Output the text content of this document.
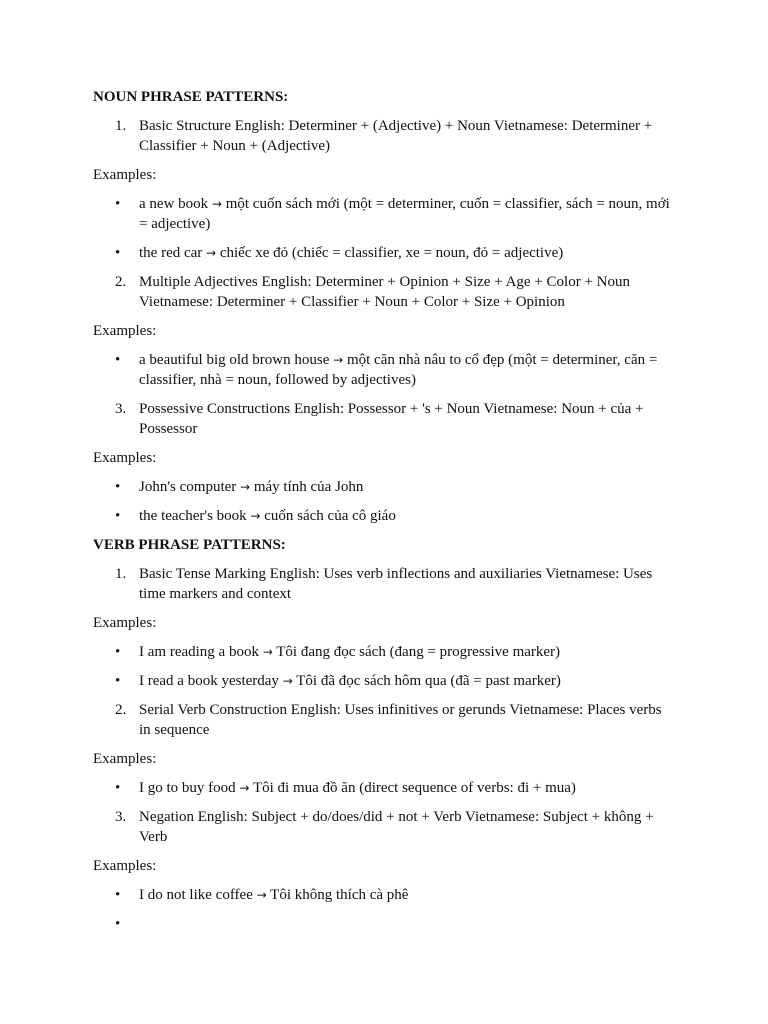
NOUN PHRASE PATTERNS:
1. Basic Structure English: Determiner + (Adjective) + Noun Vietnamese: Determiner + Classifier + Noun + (Adjective)
Examples:
• a new book → một cuốn sách mới (một = determiner, cuốn = classifier, sách = noun, mới = adjective)
• the red car → chiếc xe đỏ (chiếc = classifier, xe = noun, đỏ = adjective)
2. Multiple Adjectives English: Determiner + Opinion + Size + Age + Color + Noun Vietnamese: Determiner + Classifier + Noun + Color + Size + Opinion
Examples:
• a beautiful big old brown house → một căn nhà nâu to cổ đẹp (một = determiner, căn = classifier, nhà = noun, followed by adjectives)
3. Possessive Constructions English: Possessor + 's + Noun Vietnamese: Noun + của + Possessor
Examples:
• John's computer → máy tính của John
• the teacher's book → cuốn sách của cô giáo
VERB PHRASE PATTERNS:
1. Basic Tense Marking English: Uses verb inflections and auxiliaries Vietnamese: Uses time markers and context
Examples:
• I am reading a book → Tôi đang đọc sách (đang = progressive marker)
• I read a book yesterday → Tôi đã đọc sách hôm qua (đã = past marker)
2. Serial Verb Construction English: Uses infinitives or gerunds Vietnamese: Places verbs in sequence
Examples:
• I go to buy food → Tôi đi mua đồ ăn (direct sequence of verbs: đi + mua)
3. Negation English: Subject + do/does/did + not + Verb Vietnamese: Subject + không + Verb
Examples:
• I do not like coffee → Tôi không thích cà phê
•
